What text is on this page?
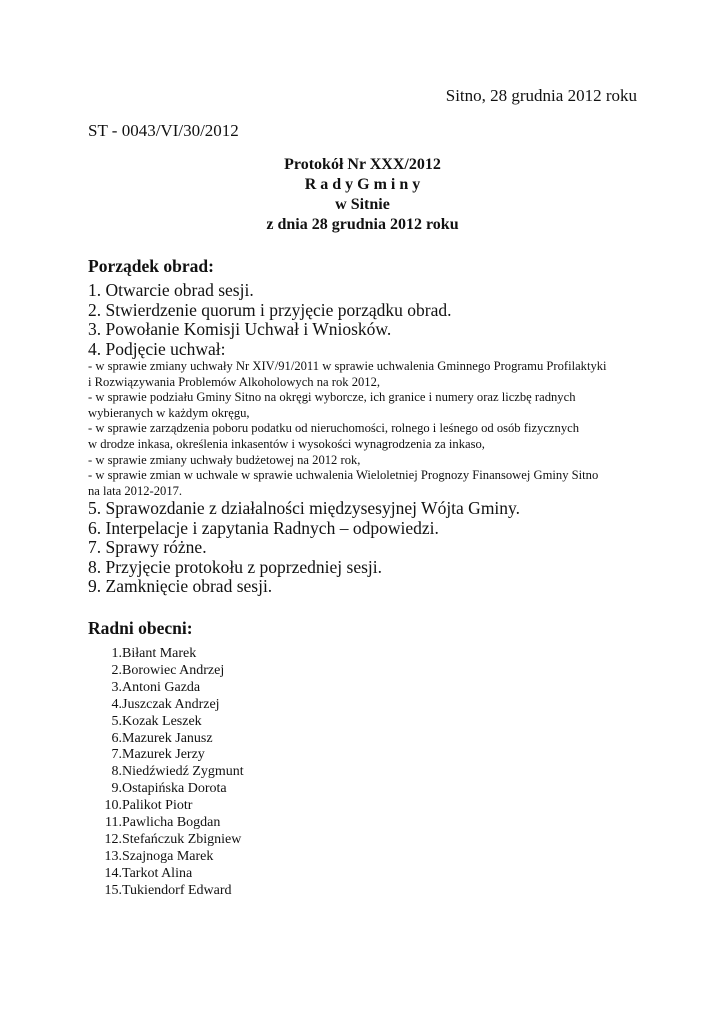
Sitno, 28 grudnia 2012 roku
ST - 0043/VI/30/2012
Protokół Nr XXX/2012
R a d y G m i n y
w Sitnie
z dnia 28 grudnia 2012 roku
Porządek obrad:
1. Otwarcie obrad sesji.
2. Stwierdzenie quorum i przyjęcie porządku obrad.
3. Powołanie Komisji Uchwał i Wniosków.
4. Podjęcie uchwał:
- w sprawie zmiany uchwały Nr XIV/91/2011 w sprawie uchwalenia Gminnego Programu Profilaktyki
i Rozwiązywania Problemów Alkoholowych na rok 2012,
- w sprawie podziału Gminy Sitno na okręgi wyborcze, ich granice i numery oraz liczbę radnych
wybieranych w każdym okręgu,
- w sprawie zarządzenia poboru podatku od nieruchomości, rolnego i leśnego od osób fizycznych
w drodze inkasa, określenia inkasentów i wysokości wynagrodzenia za inkaso,
- w sprawie zmiany uchwały budżetowej na 2012 rok,
- w sprawie zmian w uchwale w sprawie uchwalenia Wieloletniej Prognozy Finansowej Gminy Sitno
na lata 2012-2017.
5. Sprawozdanie z działalności międzysesyjnej Wójta Gminy.
6. Interpelacje i zapytania Radnych – odpowiedzi.
7. Sprawy różne.
8. Przyjęcie protokołu z poprzedniej sesji.
9. Zamknięcie obrad sesji.
Radni obecni:
1. Biłant Marek
2. Borowiec Andrzej
3. Antoni Gazda
4. Juszczak Andrzej
5. Kozak Leszek
6. Mazurek Janusz
7. Mazurek Jerzy
8. Niedźwiedź Zygmunt
9. Ostapińska Dorota
10. Palikot Piotr
11. Pawlicha Bogdan
12. Stefańczuk Zbigniew
13. Szajnoga Marek
14. Tarkot Alina
15. Tukiendorf Edward
